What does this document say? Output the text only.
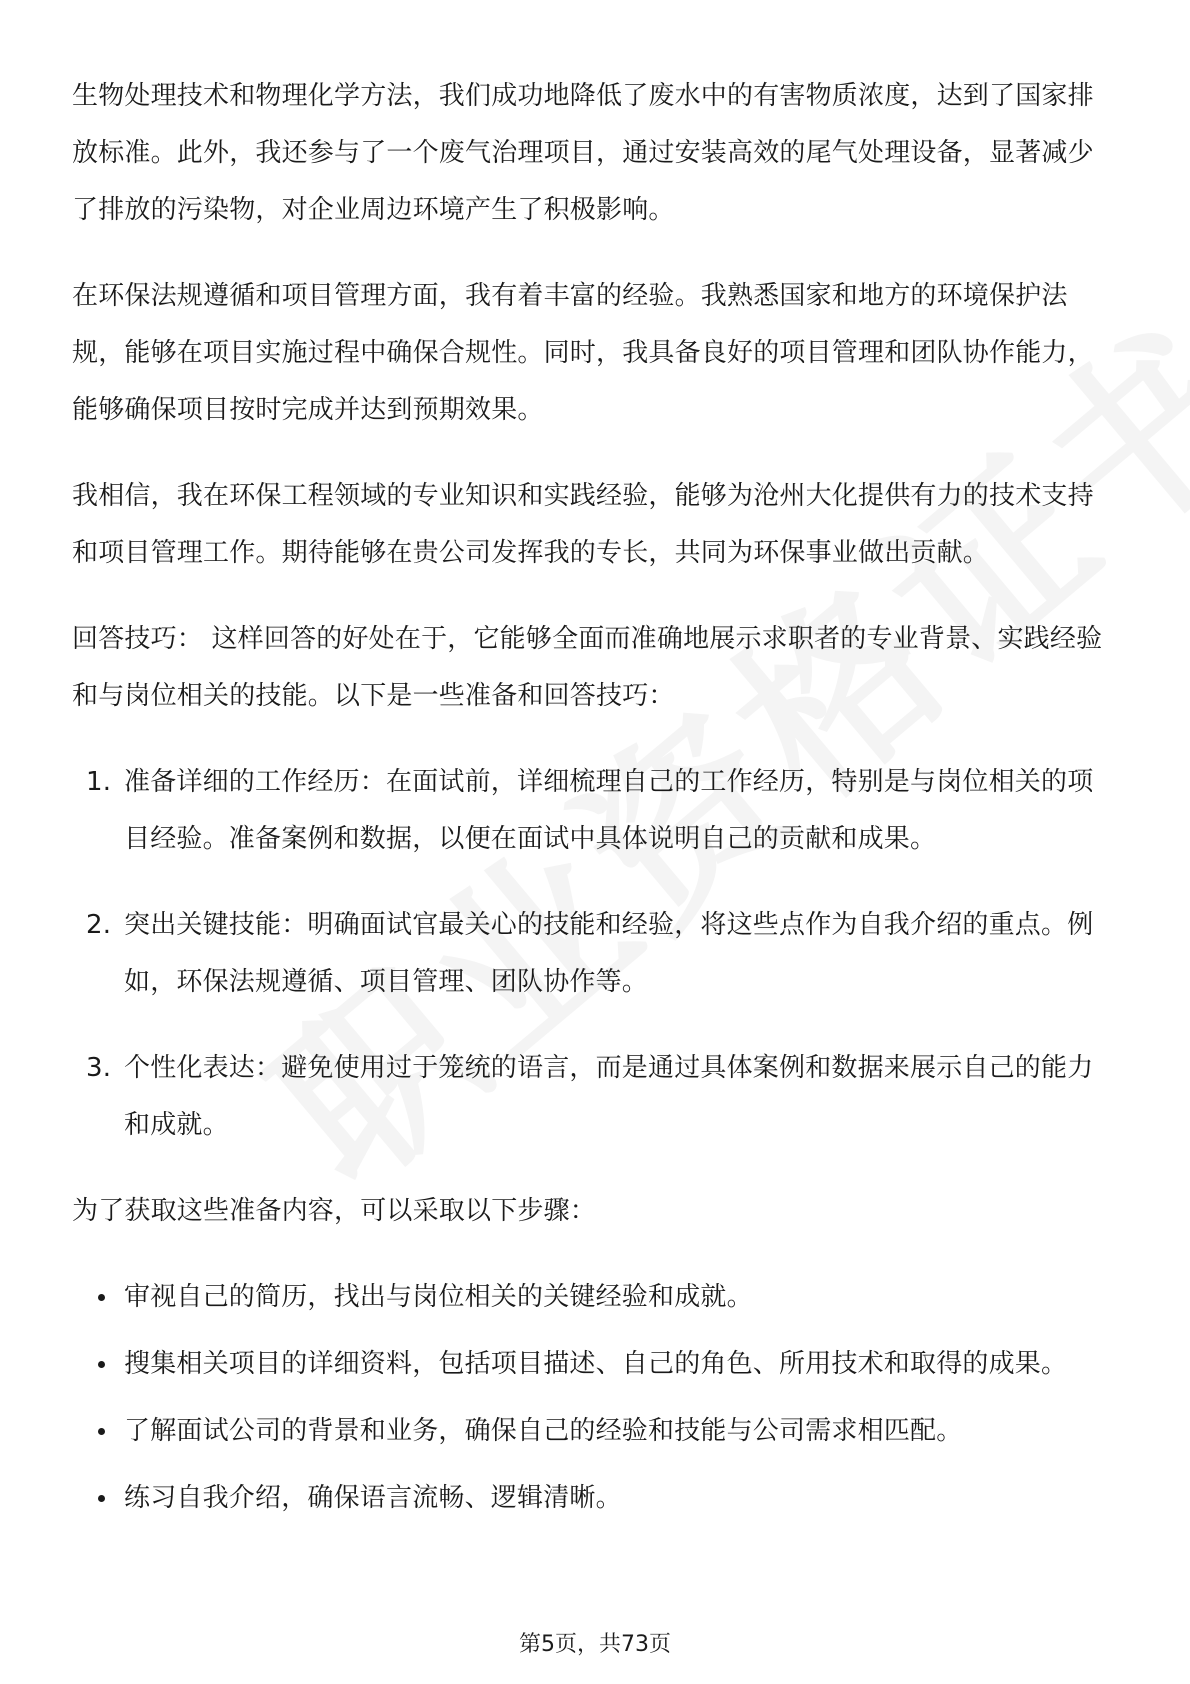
生物处理技术和物理化学方法，我们成功地降低了废水中的有害物质浓度，达到了国家排放标准。此外，我还参与了一个废气治理项目，通过安装高效的尾气处理设备，显著减少了排放的污染物，对企业周边环境产生了积极影响。

在环保法规遵循和项目管理方面，我有着丰富的经验。我熟悉国家和地方的环境保护法规，能够在项目实施过程中确保合规性。同时，我具备良好的项目管理和团队协作能力，能够确保项目按时完成并达到预期效果。

我相信，我在环保工程领域的专业知识和实践经验，能够为沧州大化提供有力的技术支持和项目管理工作。期待能够在贵公司发挥我的专长，共同为环保事业做出贡献。

回答技巧： 这样回答的好处在于，它能够全面而准确地展示求职者的专业背景、实践经验和与岗位相关的技能。以下是一些准备和回答技巧：

1. 准备详细的工作经历：在面试前，详细梳理自己的工作经历，特别是与岗位相关的项目经验。准备案例和数据，以便在面试中具体说明自己的贡献和成果。
2. 突出关键技能：明确面试官最关心的技能和经验，将这些点作为自我介绍的重点。例如，环保法规遵循、项目管理、团队协作等。
3. 个性化表达：避免使用过于笼统的语言，而是通过具体案例和数据来展示自己的能力和成就。

为了获取这些准备内容，可以采取以下步骤：

审视自己的简历，找出与岗位相关的关键经验和成就。
搜集相关项目的详细资料，包括项目描述、自己的角色、所用技术和取得的成果。
了解面试公司的背景和业务，确保自己的经验和技能与公司需求相匹配。
练习自我介绍，确保语言流畅、逻辑清晰。
第5页，共73页
